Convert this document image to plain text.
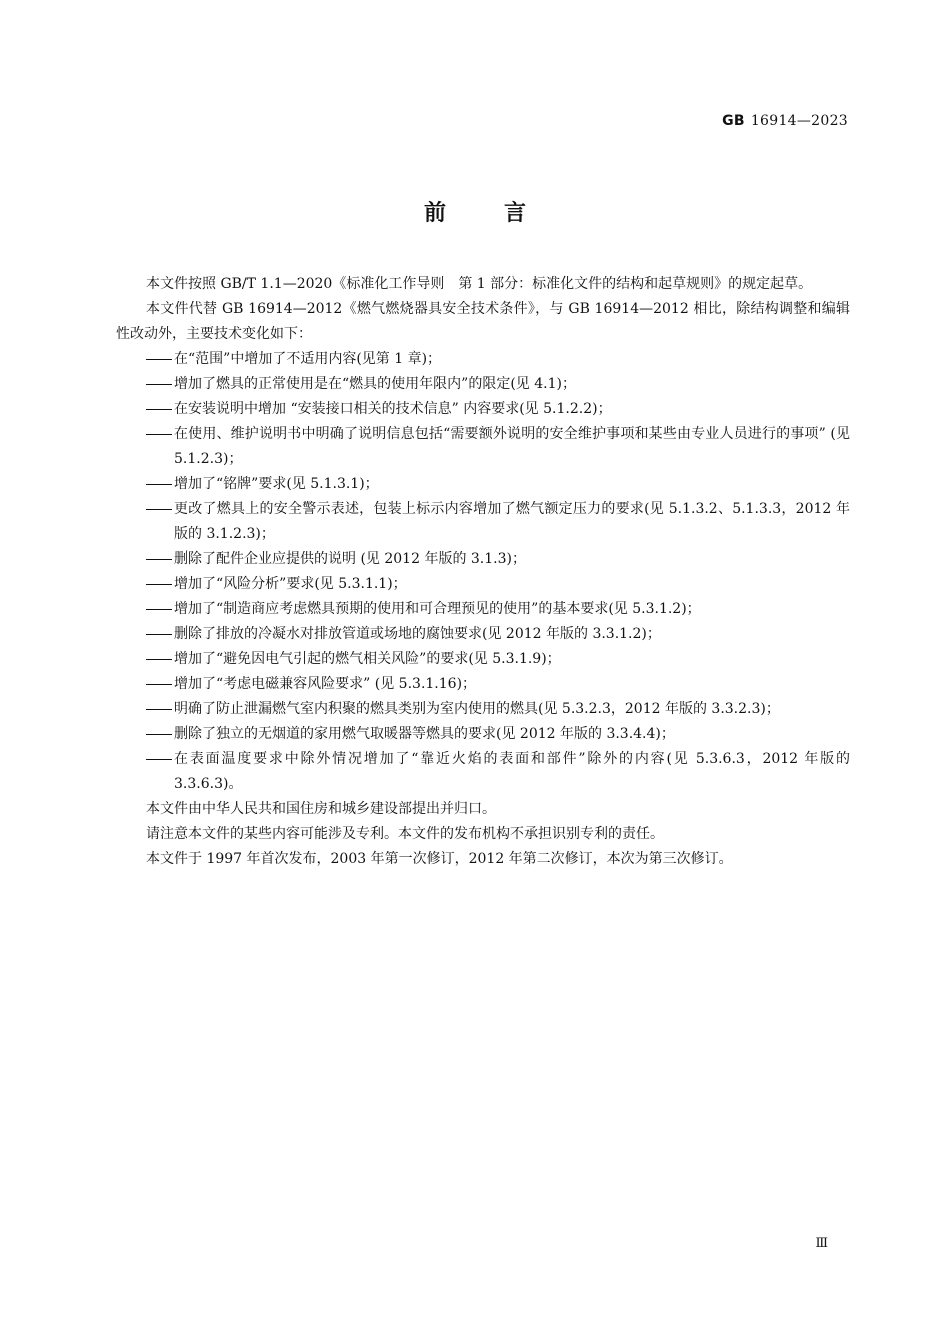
GB 16914—2023
前言

本文件按照 GB/T 1.1—2020《标准化工作导则　第 1 部分：标准化文件的结构和起草规则》的规定起草。

本文件代替 GB 16914—2012《燃气燃烧器具安全技术条件》，与 GB 16914—2012 相比，除结构调整和编辑性改动外，主要技术变化如下：

在“范围”中增加了不适用内容(见第 1 章)；

增加了燃具的正常使用是在“燃具的使用年限内”的限定(见 4.1)；

在安装说明中增加 “安装接口相关的技术信息” 内容要求(见 5.1.2.2)；

在使用、维护说明书中明确了说明信息包括“需要额外说明的安全维护事项和某些由专业人员进行的事项” (见 5.1.2.3)；

增加了“铭牌”要求(见 5.1.3.1)；

更改了燃具上的安全警示表述，包装上标示内容增加了燃气额定压力的要求(见 5.1.3.2、5.1.3.3，2012 年版的 3.1.2.3)；

删除了配件企业应提供的说明 (见 2012 年版的 3.1.3)；

增加了“风险分析”要求(见 5.3.1.1)；

增加了“制造商应考虑燃具预期的使用和可合理预见的使用”的基本要求(见 5.3.1.2)；

删除了排放的冷凝水对排放管道或场地的腐蚀要求(见 2012 年版的 3.3.1.2)；

增加了“避免因电气引起的燃气相关风险”的要求(见 5.3.1.9)；

增加了“考虑电磁兼容风险要求” (见 5.3.1.16)；

明确了防止泄漏燃气室内积聚的燃具类别为室内使用的燃具(见 5.3.2.3，2012 年版的 3.3.2.3)；

删除了独立的无烟道的家用燃气取暖器等燃具的要求(见 2012 年版的 3.3.4.4)；

在表面温度要求中除外情况增加了“靠近火焰的表面和部件”除外的内容(见 5.3.6.3，2012 年版的 3.3.6.3)。

本文件由中华人民共和国住房和城乡建设部提出并归口。

请注意本文件的某些内容可能涉及专利。本文件的发布机构不承担识别专利的责任。

本文件于 1997 年首次发布，2003 年第一次修订，2012 年第二次修订，本次为第三次修订。

Ⅲ
